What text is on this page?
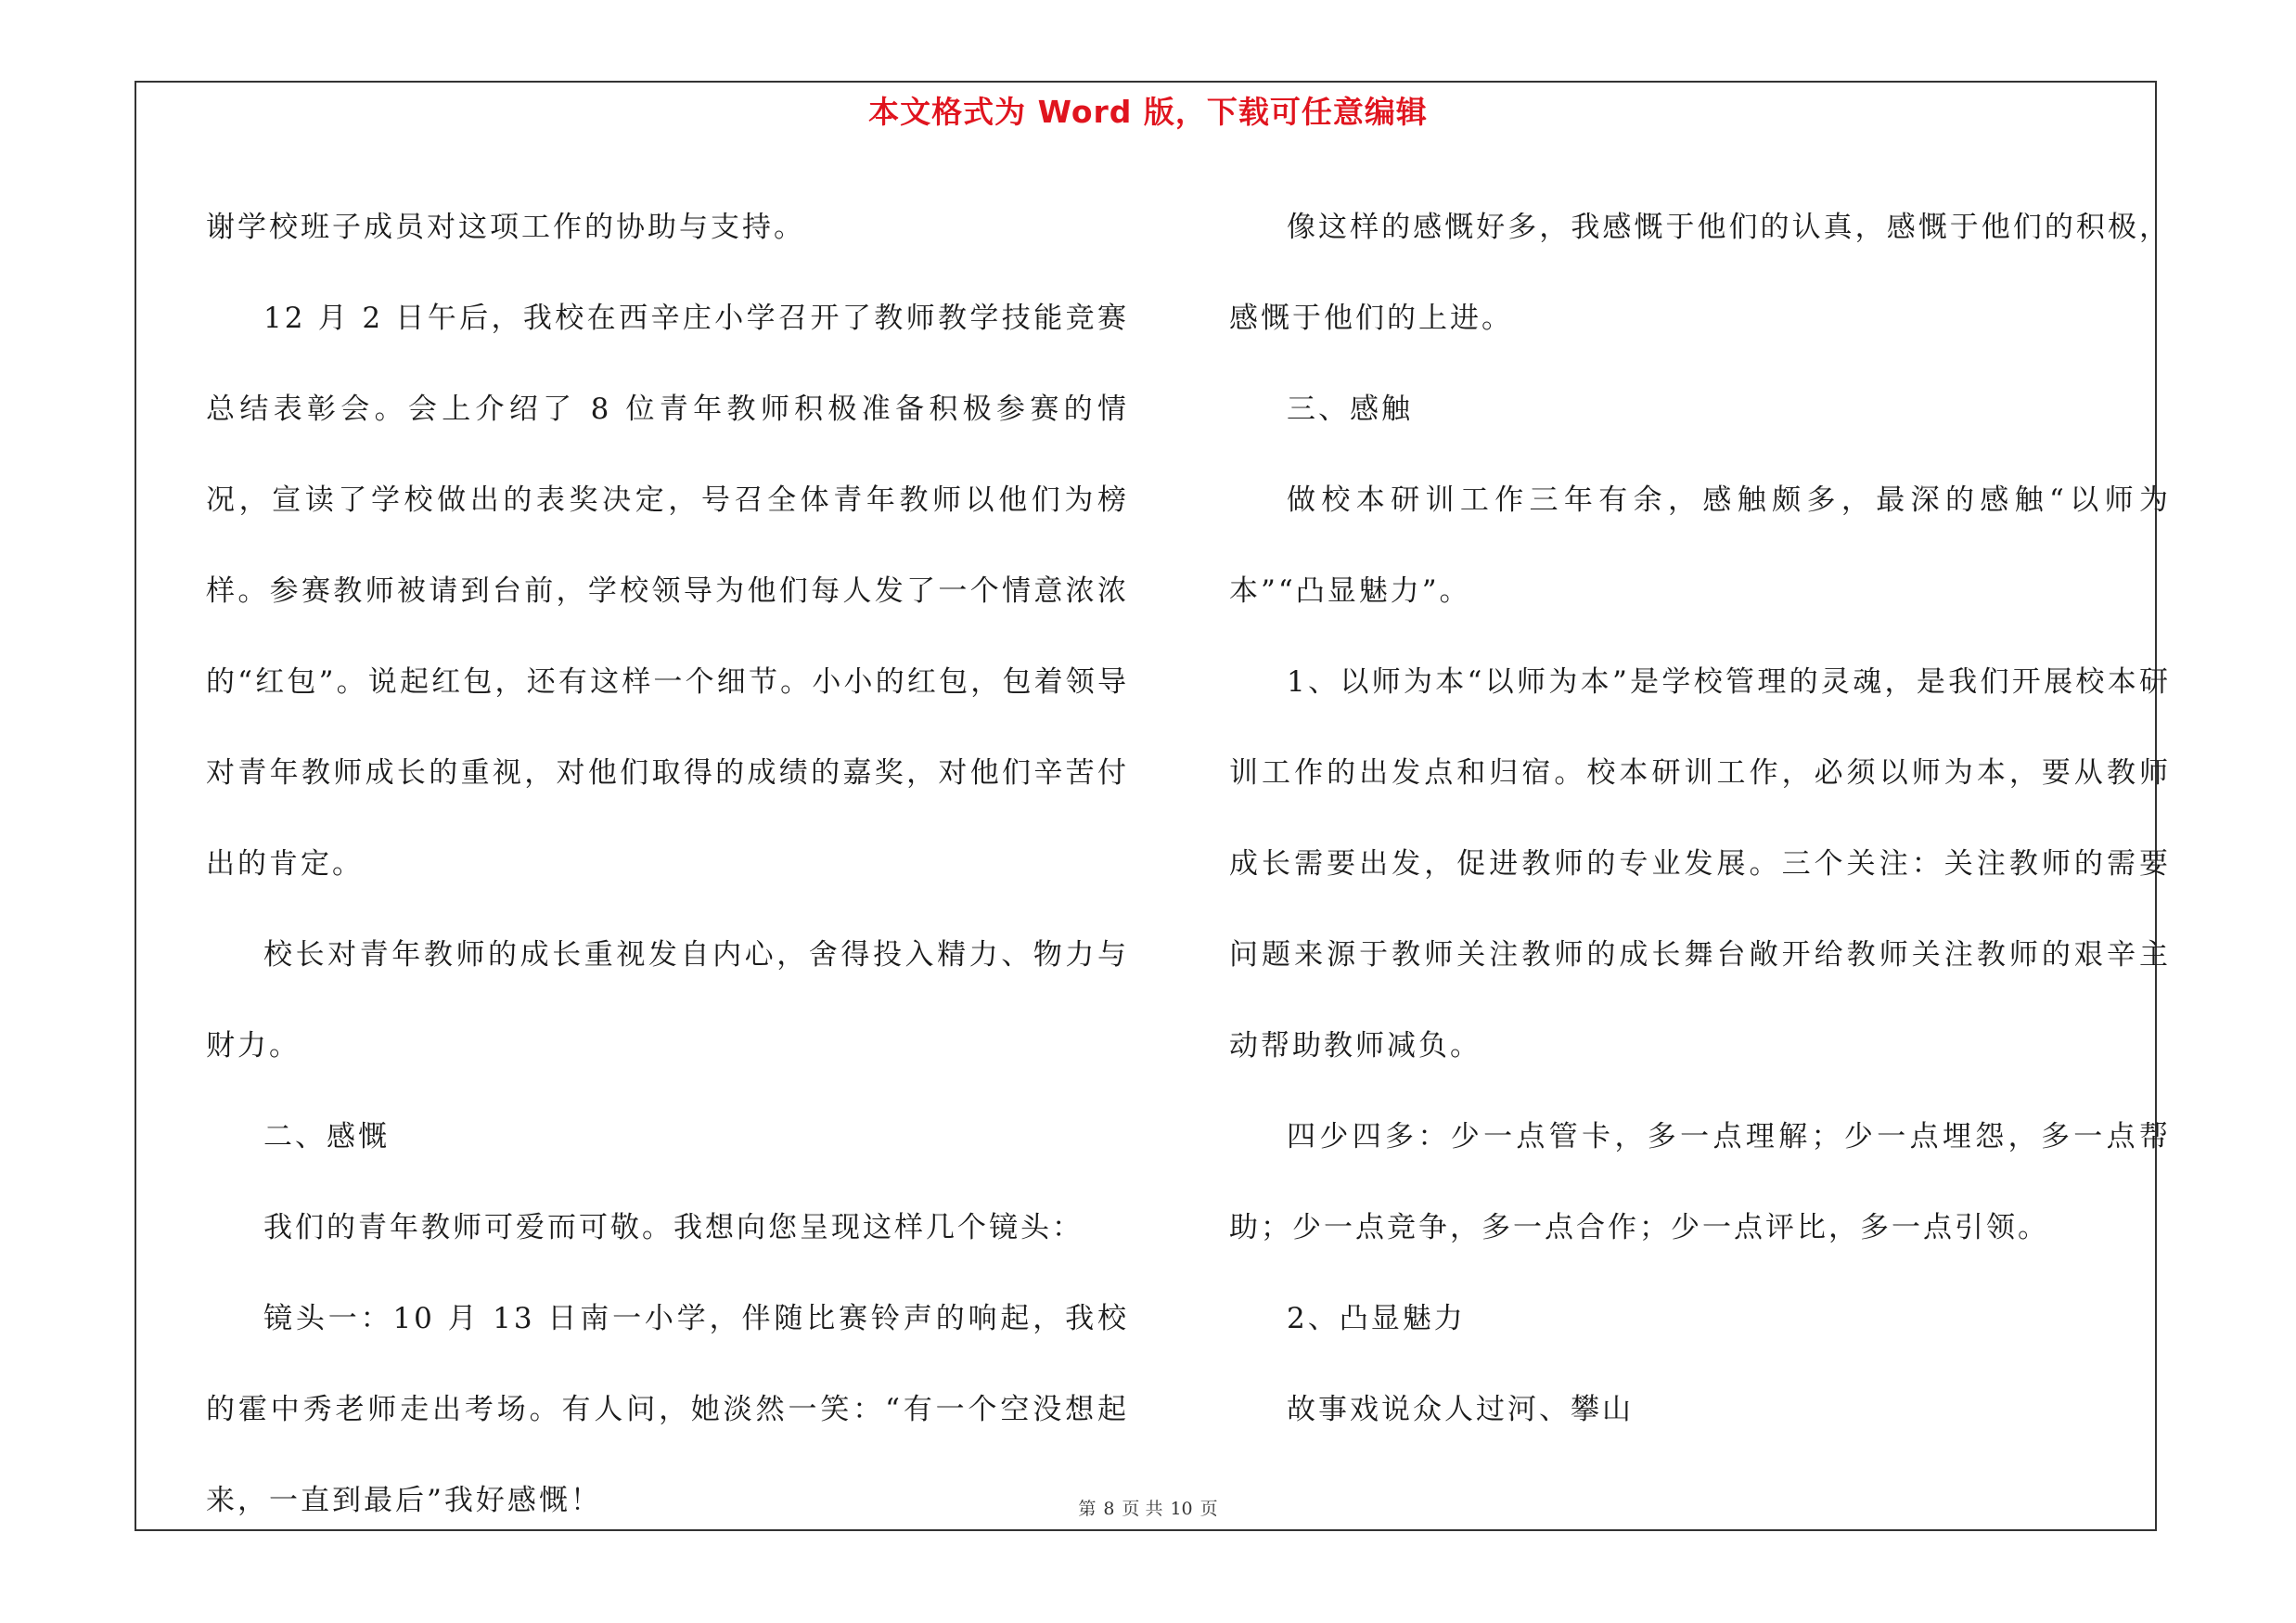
本文格式为 Word 版，下载可任意编辑

谢学校班子成员对这项工作的协助与支持。

12 月 2 日午后，我校在西辛庄小学召开了教师教学技能竞赛总结表彰会。会上介绍了 8 位青年教师积极准备积极参赛的情况，宣读了学校做出的表奖决定，号召全体青年教师以他们为榜样。参赛教师被请到台前，学校领导为他们每人发了一个情意浓浓的“红包”。说起红包，还有这样一个细节。小小的红包，包着领导对青年教师成长的重视，对他们取得的成绩的嘉奖，对他们辛苦付出的肯定。

校长对青年教师的成长重视发自内心，舍得投入精力、物力与财力。

二、感慨

我们的青年教师可爱而可敬。我想向您呈现这样几个镜头：

镜头一：10 月 13 日南一小学，伴随比赛铃声的响起，我校的霍中秀老师走出考场。有人问，她淡然一笑：“有一个空没想起来，一直到最后”我好感慨！

像这样的感慨好多，我感慨于他们的认真，感慨于他们的积极，感慨于他们的上进。

三、感触

做校本研训工作三年有余，感触颇多，最深的感触“以师为本”“凸显魅力”。

1、以师为本“以师为本”是学校管理的灵魂，是我们开展校本研训工作的出发点和归宿。校本研训工作，必须以师为本，要从教师成长需要出发，促进教师的专业发展。三个关注：关注教师的需要问题来源于教师关注教师的成长舞台敞开给教师关注教师的艰辛主动帮助教师减负。

四少四多：少一点管卡，多一点理解；少一点埋怨，多一点帮助；少一点竞争，多一点合作；少一点评比，多一点引领。

2、凸显魅力

故事戏说众人过河、攀山

第 8 页 共 10 页
